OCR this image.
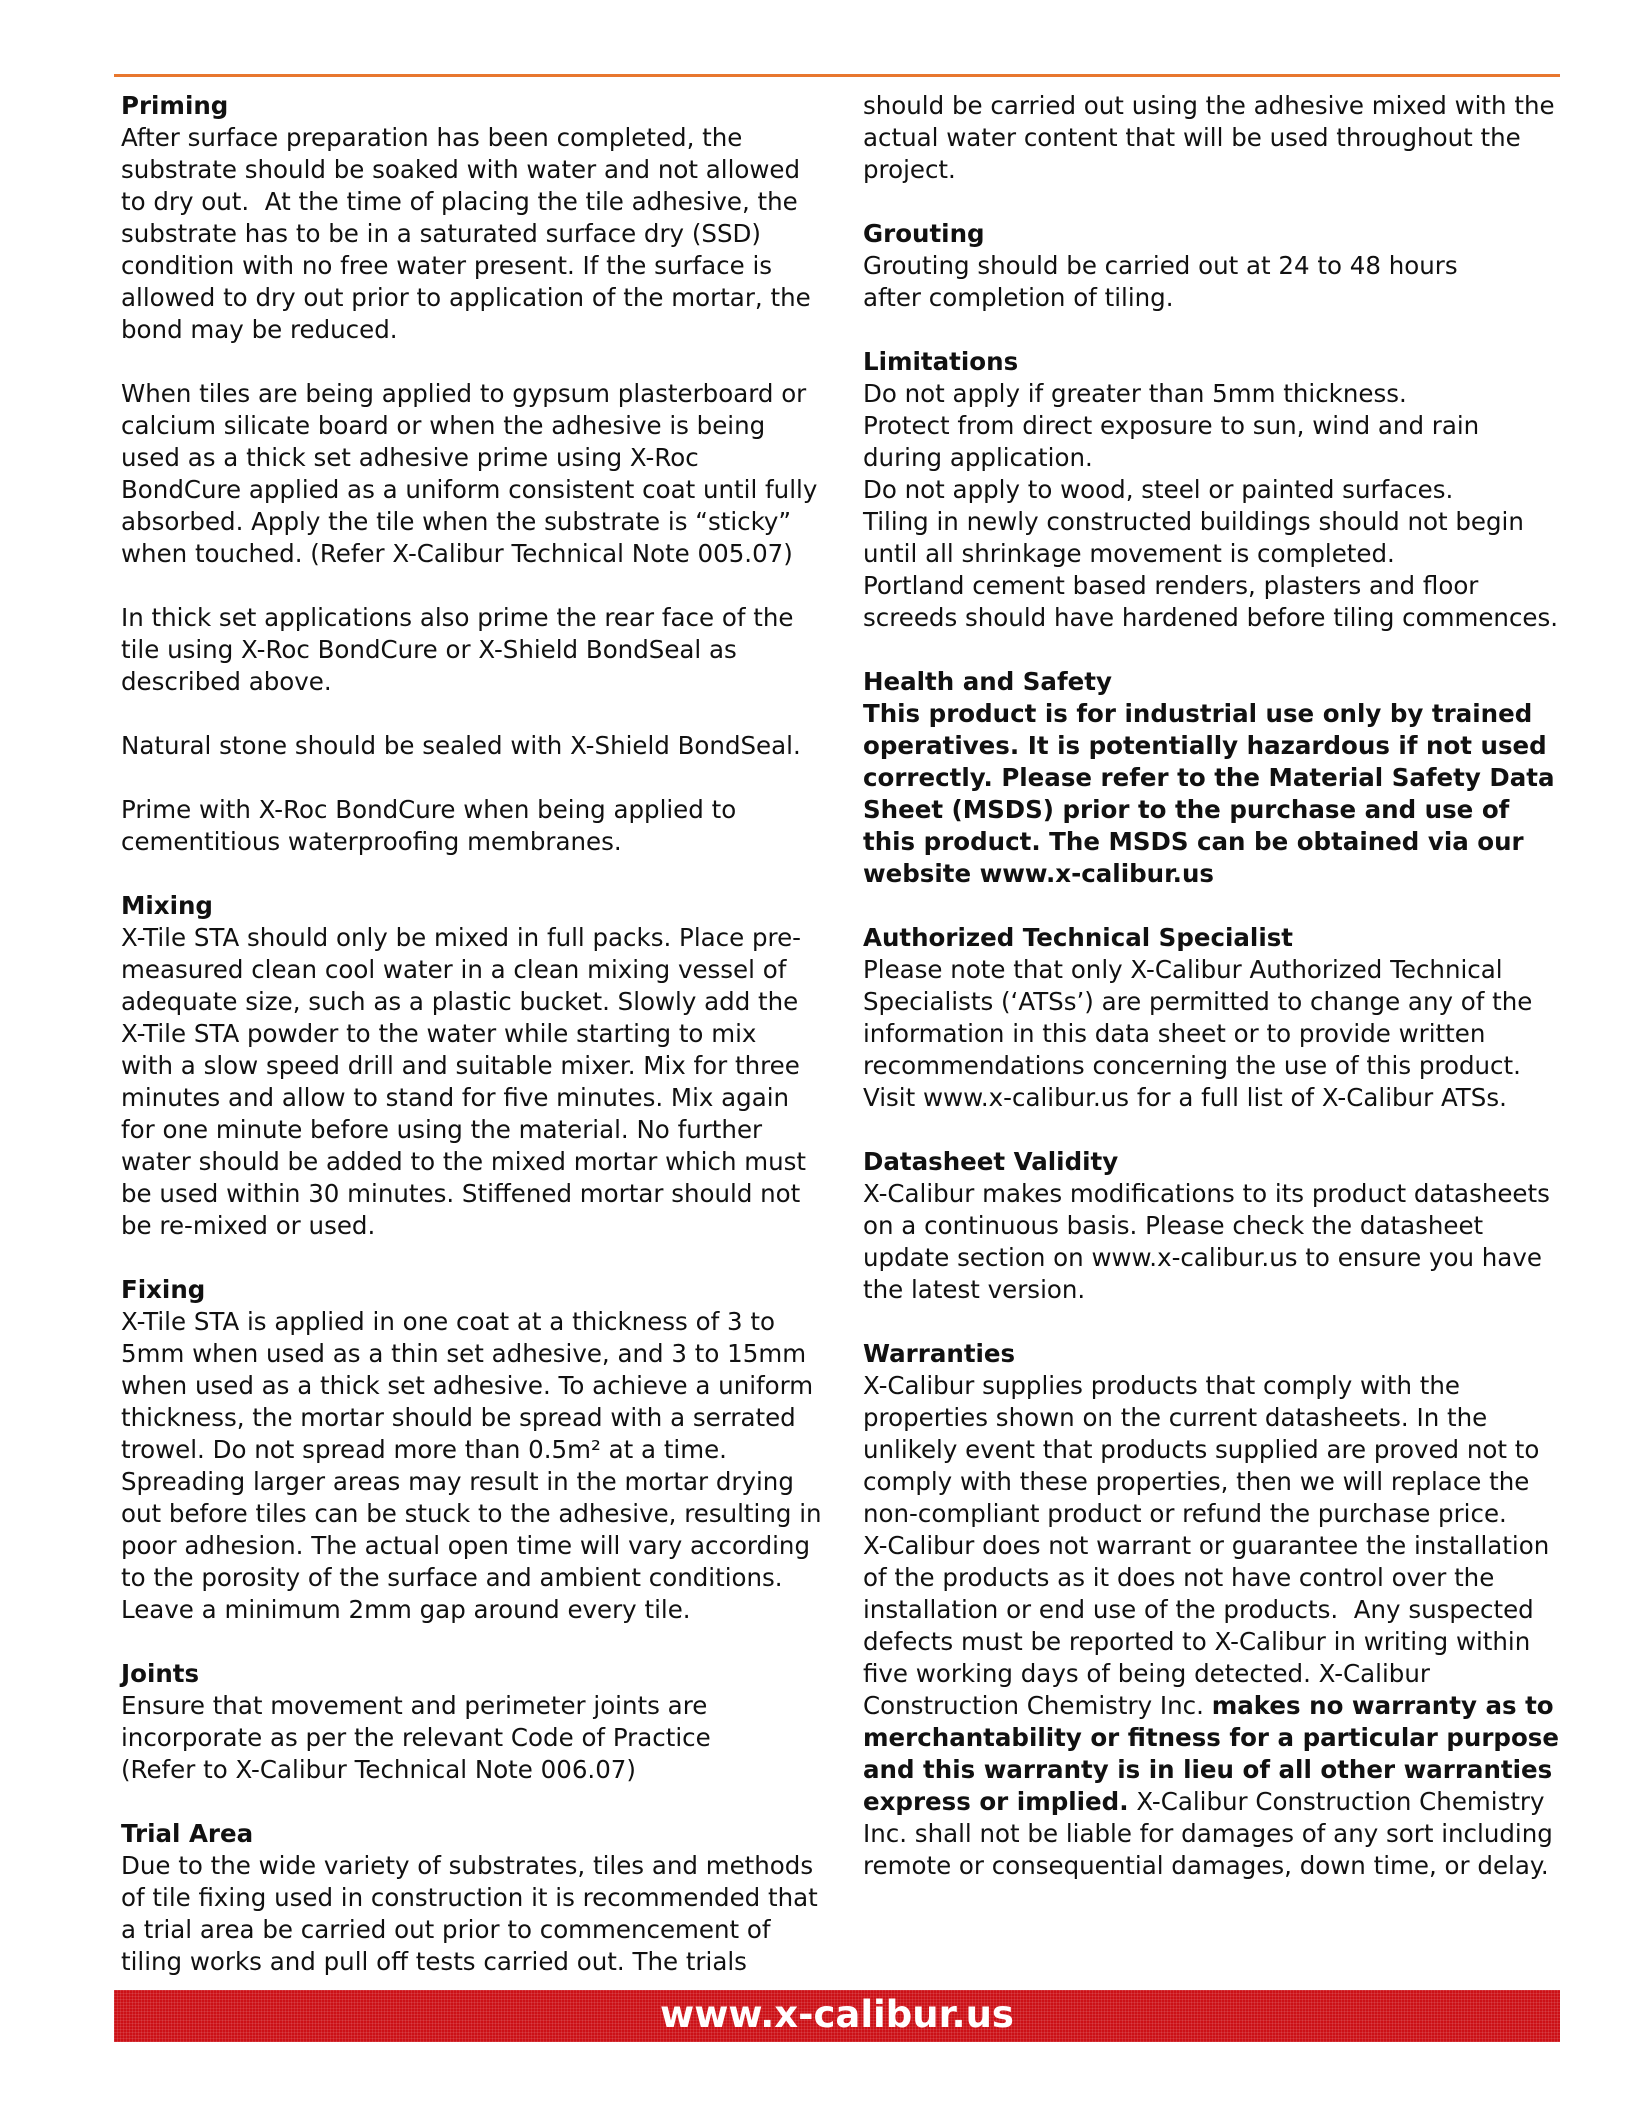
Priming
After surface preparation has been completed, the
substrate should be soaked with water and not allowed
to dry out.  At the time of placing the tile adhesive, the
substrate has to be in a saturated surface dry (SSD)
condition with no free water present. If the surface is
allowed to dry out prior to application of the mortar, the
bond may be reduced.
When tiles are being applied to gypsum plasterboard or
calcium silicate board or when the adhesive is being
used as a thick set adhesive prime using X-Roc
BondCure applied as a uniform consistent coat until fully
absorbed. Apply the tile when the substrate is “sticky”
when touched. (Refer X-Calibur Technical Note 005.07)
In thick set applications also prime the rear face of the
tile using X-Roc BondCure or X-Shield BondSeal as
described above.
Natural stone should be sealed with X-Shield BondSeal.
Prime with X-Roc BondCure when being applied to
cementitious waterproofing membranes.
Mixing
X-Tile STA should only be mixed in full packs. Place pre-
measured clean cool water in a clean mixing vessel of
adequate size, such as a plastic bucket. Slowly add the
X-Tile STA powder to the water while starting to mix
with a slow speed drill and suitable mixer. Mix for three
minutes and allow to stand for five minutes. Mix again
for one minute before using the material. No further
water should be added to the mixed mortar which must
be used within 30 minutes. Stiffened mortar should not
be re-mixed or used.
Fixing
X-Tile STA is applied in one coat at a thickness of 3 to
5mm when used as a thin set adhesive, and 3 to 15mm
when used as a thick set adhesive. To achieve a uniform
thickness, the mortar should be spread with a serrated
trowel. Do not spread more than 0.5m² at a time.
Spreading larger areas may result in the mortar drying
out before tiles can be stuck to the adhesive, resulting in
poor adhesion. The actual open time will vary according
to the porosity of the surface and ambient conditions.
Leave a minimum 2mm gap around every tile.
Joints
Ensure that movement and perimeter joints are
incorporate as per the relevant Code of Practice
(Refer to X-Calibur Technical Note 006.07)
Trial Area
Due to the wide variety of substrates, tiles and methods
of tile fixing used in construction it is recommended that
a trial area be carried out prior to commencement of
tiling works and pull off tests carried out. The trials
should be carried out using the adhesive mixed with the
actual water content that will be used throughout the
project.
Grouting
Grouting should be carried out at 24 to 48 hours
after completion of tiling.
Limitations
Do not apply if greater than 5mm thickness.
Protect from direct exposure to sun, wind and rain
during application.
Do not apply to wood, steel or painted surfaces.
Tiling in newly constructed buildings should not begin
until all shrinkage movement is completed.
Portland cement based renders, plasters and floor
screeds should have hardened before tiling commences.
Health and Safety
This product is for industrial use only by trained
operatives. It is potentially hazardous if not used
correctly. Please refer to the Material Safety Data
Sheet (MSDS) prior to the purchase and use of
this product. The MSDS can be obtained via our
website www.x-calibur.us
Authorized Technical Specialist
Please note that only X-Calibur Authorized Technical
Specialists (‘ATSs’) are permitted to change any of the
information in this data sheet or to provide written
recommendations concerning the use of this product.
Visit www.x-calibur.us for a full list of X-Calibur ATSs.
Datasheet Validity
X-Calibur makes modifications to its product datasheets
on a continuous basis. Please check the datasheet
update section on www.x-calibur.us to ensure you have
the latest version.
Warranties
X-Calibur supplies products that comply with the
properties shown on the current datasheets. In the
unlikely event that products supplied are proved not to
comply with these properties, then we will replace the
non-compliant product or refund the purchase price.
X-Calibur does not warrant or guarantee the installation
of the products as it does not have control over the
installation or end use of the products.  Any suspected
defects must be reported to X-Calibur in writing within
five working days of being detected. X-Calibur
Construction Chemistry Inc. makes no warranty as to
merchantability or fitness for a particular purpose
and this warranty is in lieu of all other warranties
express or implied. X-Calibur Construction Chemistry
Inc. shall not be liable for damages of any sort including
remote or consequential damages, down time, or delay.
www.x-calibur.us
